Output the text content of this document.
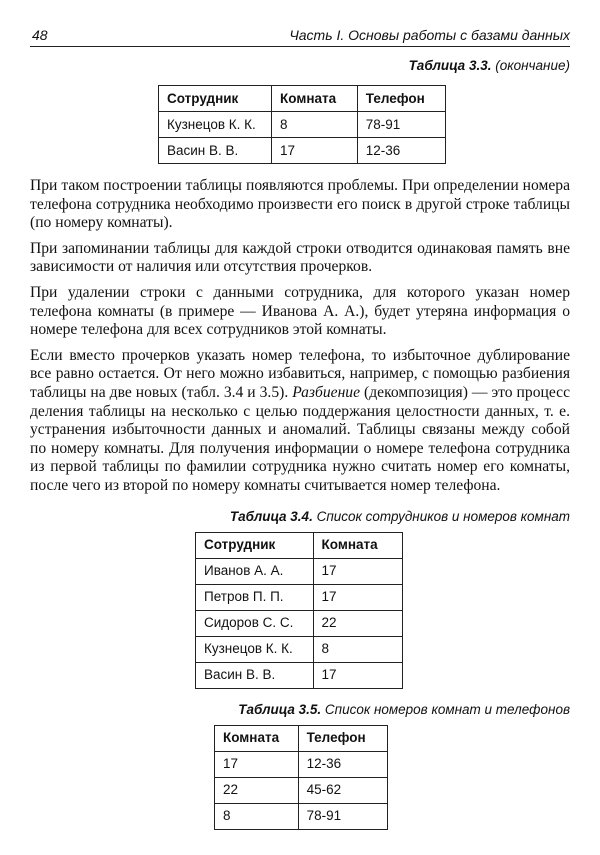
48	Часть I. Основы работы с базами данных
Таблица 3.3. (окончание)
Сотрудник	Комната	Телефон
Кузнецов К. К.	8	78-91
Васин В. В.	17	12-36

При таком построении таблицы появляются проблемы. При определении номера телефона сотрудника необходимо произвести его поиск в другой строке таблицы (по номеру комнаты).

При запоминании таблицы для каждой строки отводится одинаковая память вне зависимости от наличия или отсутствия прочерков.

При удалении строки с данными сотрудника, для которого указан номер телефона комнаты (в примере — Иванова А. А.), будет утеряна информация о номере телефона для всех сотрудников этой комнаты.

Если вместо прочерков указать номер телефона, то избыточное дублирование все равно остается. От него можно избавиться, например, с помощью разбиения таблицы на две новых (табл. 3.4 и 3.5). Разбиение (декомпозиция) — это процесс деления таблицы на несколько с целью поддержания целостности данных, т. е. устранения избыточности данных и аномалий. Таблицы связаны между собой по номеру комнаты. Для получения информации о номере телефона сотрудника из первой таблицы по фамилии сотрудника нужно считать номер его комнаты, после чего из второй по номеру комнаты считывается номер телефона.

Таблица 3.4. Список сотрудников и номеров комнат
Сотрудник	Комната
Иванов А. А.	17
Петров П. П.	17
Сидоров С. С.	22
Кузнецов К. К.	8
Васин В. В.	17
Таблица 3.5. Список номеров комнат и телефонов
Комната	Телефон
17	12-36
22	45-62
8	78-91
